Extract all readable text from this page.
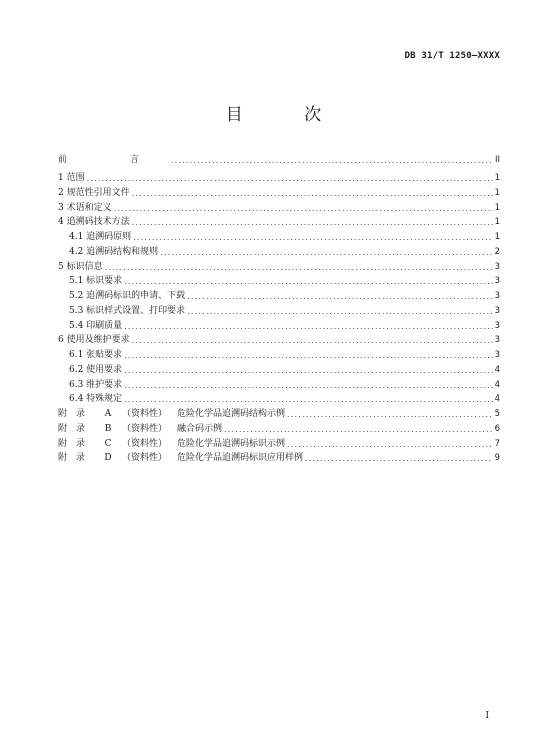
DB 31/T 1250—XXXX
目 次
前 言 .....	II
1 范围 .....	1
2 规范性引用文件 .....	1
3 术语和定义 .....	1
4 追溯码技术方法 .....	1
4.1 追溯码原则 .....	1
4.2 追溯码结构和规则 .....	2
5 标识信息 .....	3
5.1 标识要求 .....	3
5.2 追溯码标识的申请、下载 .....	3
5.3 标识样式设置、打印要求 .....	3
5.4 印刷质量 .....	3
6 使用及维护要求 .....	3
6.1 张贴要求 .....	3
6.2 使用要求 .....	4
6.3 维护要求 .....	4
6.4 特殊规定 .....	4
附录 A （资料性） 危险化学品追溯码结构示例 .....	5
附录 B （资料性） 融合码示例 .....	6
附录 C （资料性） 危险化学品追溯码标识示例 .....	7
附录 D （资料性） 危险化学品追溯码标识应用样例 .....	9
I
